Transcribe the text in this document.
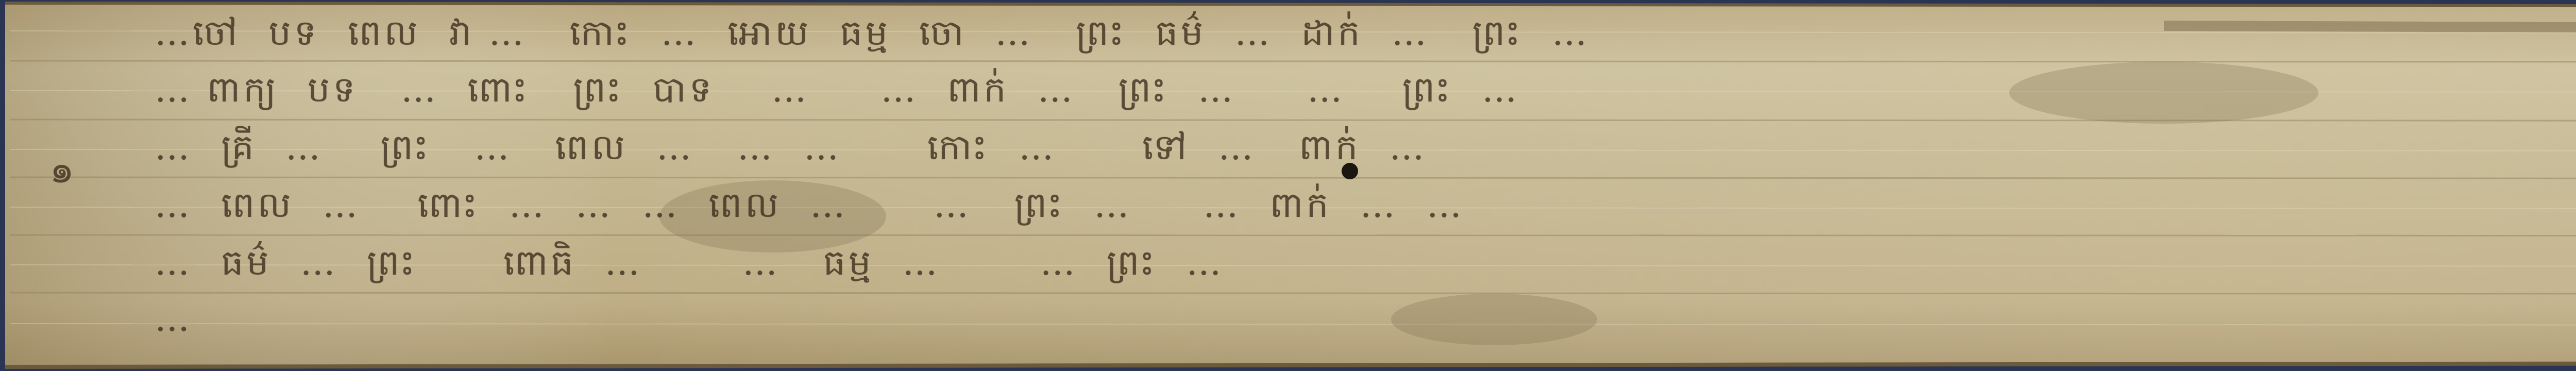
๑
…ចៅ ​ បទ ​ ពេល ​ វា … ​ ​ កោះ ​ … ​ អោយ ​ ធម្ម ​ ចោ ​ … ​ ​ ព្រះ ​ ធម៌ ​ … ​ ដាក់ ​ … ​ ​ ព្រះ ​ …
…​ ពាក្យ ​ បទ ​ ​ … ​ ពោះ ​ ​ ព្រះ ​ បាទ ​ ​ ​ … ​ ​ ​ ​ … ​ ពាក់ ​ … ​ ​ ព្រះ ​ … ​ ​ ​ ​ … ​ ​ ​ ព្រះ ​ …
… ​ គ្រី ​ … ​ ​ ​ ព្រះ ​ ​ … ​ ​ ពេល ​ … ​ ​ … ​ … ​ ​ ​ ​ ​ កោះ ​ … ​ ​ ​ ​ ​ ទៅ ​ … ​ ​ ពាក់ ​ …
… ​ ពេល ​ … ​ ​ ​ ពោះ ​ … ​ … ​ … ​ ពេល ​ … ​ ​ ​ ​ ​ … ​ ​ ព្រះ ​ … ​ ​ ​ ​ … ​ ពាក់ ​ … ​ …
… ​ ធម៌ ​ … ​ ព្រះ ​ ​ ​ ​ ​ ពោធិ ​ … ​ ​ ​ ​ ​ ​ … ​ ​ ធម្ម ​ … ​ ​ ​ ​ ​ ​ … ​ ព្រះ ​ …
…
